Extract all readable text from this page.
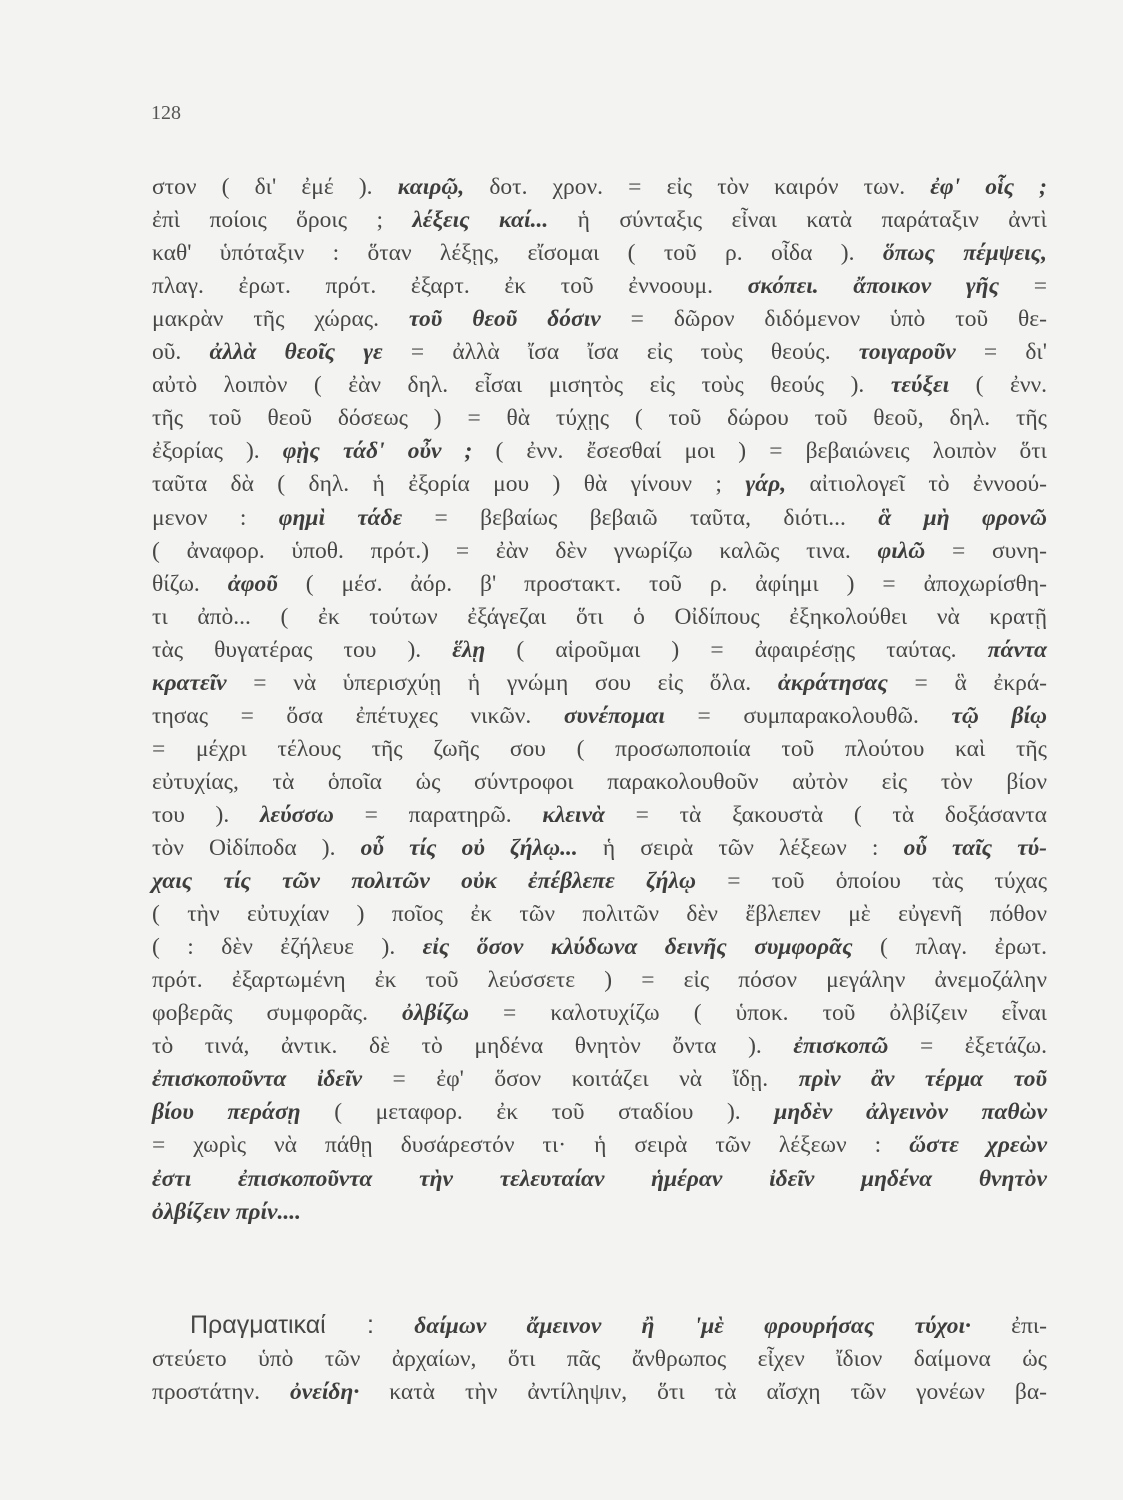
128
στον ( δι' ἐμέ ). καιρῷ, δοτ. χρον. = εἰς τὸν καιρόν των. ἐφ' οἷς ;
ἐπὶ ποίοις ὅροις ; λέξεις καί... ἡ σύνταξις εἶναι κατὰ παράταξιν ἀντὶ
καθ' ὑπόταξιν : ὅταν λέξῃς, εἴσομαι ( τοῦ ρ. οἶδα ). ὅπως πέμψεις,
πλαγ. ἐρωτ. πρότ. ἐξαρτ. ἐκ τοῦ ἐννοουμ. σκόπει. ἄποικον γῆς =
μακρὰν τῆς χώρας. τοῦ θεοῦ δόσιν = δῶρον διδόμενον ὑπὸ τοῦ θε-
οῦ. ἀλλὰ θεοῖς γε = ἀλλὰ ἴσα ἴσα εἰς τοὺς θεούς. τοιγαροῦν = δι'
αὐτὸ λοιπὸν ( ἐὰν δηλ. εἶσαι μισητὸς εἰς τοὺς θεούς ). τεύξει ( ἐνν.
τῆς τοῦ θεοῦ δόσεως ) = θὰ τύχῃς ( τοῦ δώρου τοῦ θεοῦ, δηλ. τῆς
ἐξορίας ). φῂς τάδ' οὖν ; ( ἐνν. ἔσεσθαί μοι ) = βεβαιώνεις λοιπὸν ὅτι
ταῦτα δὰ ( δηλ. ἡ ἐξορία μου ) θὰ γίνουν ; γάρ, αἰτιολογεῖ τὸ ἐννοού-
μενον : φημὶ τάδε = βεβαίως βεβαιῶ ταῦτα, διότι... ἃ μὴ φρονῶ
( ἀναφορ. ὑποθ. πρότ.) = ἐὰν δὲν γνωρίζω καλῶς τινα. φιλῶ = συνη-
θίζω. ἀφοῦ ( μέσ. ἀόρ. β' προστακτ. τοῦ ρ. ἀφίημι ) = ἀποχωρίσθη-
τι ἀπὸ... ( ἐκ τούτων ἐξάγεζαι ὅτι ὁ Οἰδίπους ἐξηκολούθει νὰ κρατῇ
τὰς θυγατέρας του ). ἕλῃ ( αἱροῦμαι ) = ἀφαιρέσῃς ταύτας. πάντα
κρατεῖν = νὰ ὑπερισχύῃ ἡ γνώμη σου εἰς ὅλα. ἀκράτησας = ἃ ἐκρά-
τησας = ὅσα ἐπέτυχες νικῶν. συνέπομαι = συμπαρακολουθῶ. τῷ βίῳ
= μέχρι τέλους τῆς ζωῆς σου ( προσωποποιία τοῦ πλούτου καὶ τῆς
εὐτυχίας, τὰ ὁποῖα ὡς σύντροφοι παρακολουθοῦν αὐτὸν εἰς τὸν βίον
του ). λεύσσω = παρατηρῶ. κλεινὰ = τὰ ξακουστὰ ( τὰ δοξάσαντα
τὸν Οἰδίποδα ). οὗ τίς οὐ ζήλῳ... ἡ σειρὰ τῶν λέξεων : οὗ ταῖς τύ-
χαις τίς τῶν πολιτῶν οὐκ ἐπέβλεπε ζήλῳ = τοῦ ὁποίου τὰς τύχας
( τὴν εὐτυχίαν ) ποῖος ἐκ τῶν πολιτῶν δὲν ἔβλεπεν μὲ εὐγενῆ πόθον
( : δὲν ἐζήλευε ). εἰς ὅσον κλύδωνα δεινῆς συμφορᾶς ( πλαγ. ἐρωτ.
πρότ. ἐξαρτωμένη ἐκ τοῦ λεύσσετε ) = εἰς πόσον μεγάλην ἀνεμοζάλην
φοβερᾶς συμφορᾶς. ὀλβίζω = καλοτυχίζω ( ὑποκ. τοῦ ὀλβίζειν εἶναι
τὸ τινά, ἀντικ. δὲ τὸ μηδένα θνητὸν ὄντα ). ἐπισκοπῶ = ἐξετάζω.
ἐπισκοποῦντα ἰδεῖν = ἐφ' ὅσον κοιτάζει νὰ ἴδῃ. πρὶν ἂν τέρμα τοῦ
βίου περάσῃ ( μεταφορ. ἐκ τοῦ σταδίου ). μηδὲν ἀλγεινὸν παθὼν
= χωρὶς νὰ πάθῃ δυσάρεστόν τι· ἡ σειρὰ τῶν λέξεων : ὥστε χρεὼν
ἐστι ἐπισκοποῦντα τὴν τελευταίαν ἡμέραν ἰδεῖν μηδένα θνητὸν
ὀλβίζειν πρίν....
Πραγματικαί : δαίμων ἄμεινον ἢ 'μὲ φρουρήσας τύχοι· ἐπι-
στεύετο ὑπὸ τῶν ἀρχαίων, ὅτι πᾶς ἄνθρωπος εἶχεν ἴδιον δαίμονα ὡς
προστάτην. ὀνείδη· κατὰ τὴν ἀντίληψιν, ὅτι τὰ αἴσχη τῶν γονέων βα-
